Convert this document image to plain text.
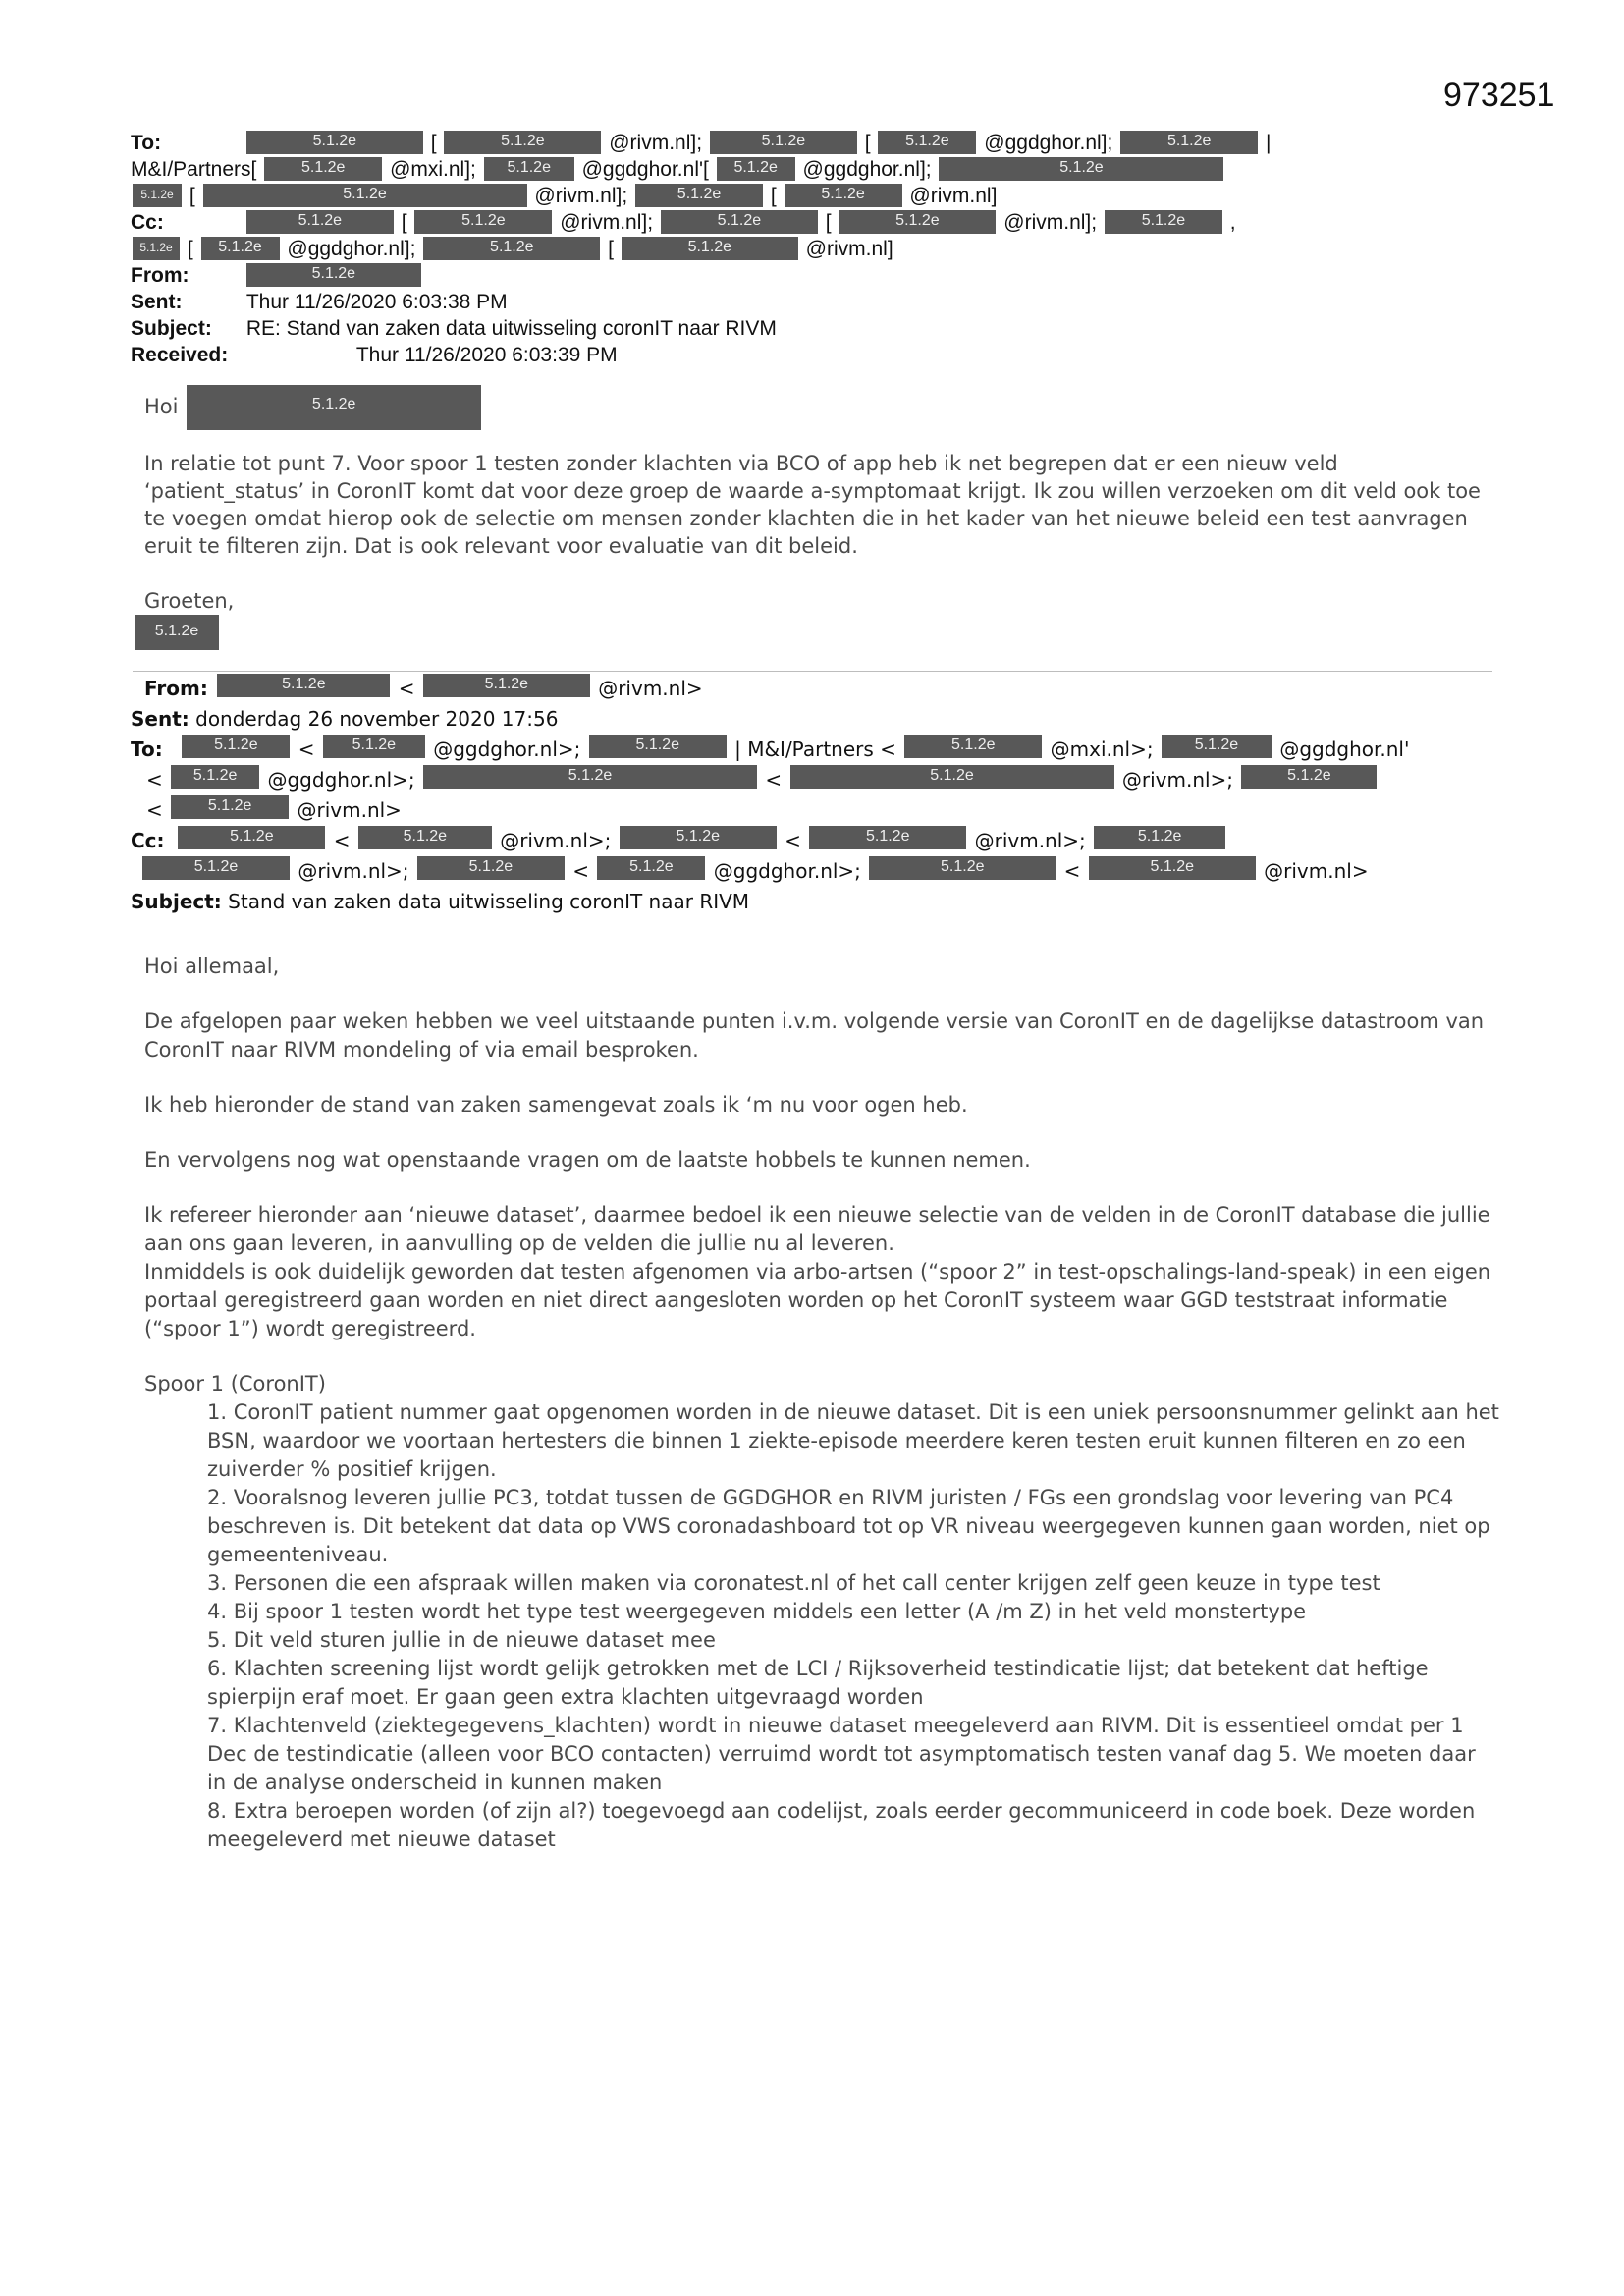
973251
To:	5.1.2e	[	5.1.2e	@rivm.nl];	5.1.2e	[ 5.1.2e @ggdghor.nl];	5.1.2e	|
M&I/Partners[	5.1.2e @mxi.nl]; 5.1.2e @ggdghor.nl'[ 5.1.2e @ggdghor.nl];	5.1.2e
5.1.2e [	5.1.2e	@rivm.nl];	5.1.2e [	5.1.2e @rivm.nl]
Cc:	5.1.2e	[	5.1.2e	@rivm.nl];	5.1.2e	[	5.1.2e	@rivm.nl];	5.1.2e ,
5.1.2e [ 5.1.2e @ggdghor.nl];	5.1.2e	[	5.1.2e	@rivm.nl]
From:	5.1.2e
Sent:	Thur 11/26/2020 6:03:38 PM
Subject: RE: Stand van zaken data uitwisseling coronIT naar RIVM
Received:	Thur 11/26/2020 6:03:39 PM

Hoi	5.1.2e

In relatie tot punt 7. Voor spoor 1 testen zonder klachten via BCO of app heb ik net begrepen dat er een nieuw veld ‘patient_status’ in CoronIT komt dat voor deze groep de waarde a-symptomaat krijgt. Ik zou willen verzoeken om dit veld ook toe te voegen omdat hierop ook de selectie om mensen zonder klachten die in het kader van het nieuwe beleid een test aanvragen eruit te filteren zijn. Dat is ook relevant voor evaluatie van dit beleid.

Groeten,

5.1.2e
From:	5.1.2e	<	5.1.2e	@rivm.nl>
Sent: donderdag 26 november 2020 17:56
To:	5.1.2e < 5.1.2e @ggdghor.nl>;	5.1.2e	| M&I/Partners <	5.1.2e	@mxi.nl>;	5.1.2e @ggdghor.nl'
< 5.1.2e @ggdghor.nl>;	5.1.2e	<	5.1.2e	@rivm.nl>;	5.1.2e
<	5.1.2e @rivm.nl>
Cc:	5.1.2e	<	5.1.2e	@rivm.nl>;	5.1.2e	<	5.1.2e	@rivm.nl>;	5.1.2e
5.1.2e	@rivm.nl>;	5.1.2e	<	5.1.2e @ggdghor.nl>;	5.1.2e	<	5.1.2e	@rivm.nl>
Subject: Stand van zaken data uitwisseling coronIT naar RIVM

Hoi allemaal,

De afgelopen paar weken hebben we veel uitstaande punten i.v.m. volgende versie van CoronIT en de dagelijkse datastroom van CoronIT naar RIVM mondeling of via email besproken.

Ik heb hieronder de stand van zaken samengevat zoals ik ‘m nu voor ogen heb.

En vervolgens nog wat openstaande vragen om de laatste hobbels te kunnen nemen.

Ik refereer hieronder aan ‘nieuwe dataset’, daarmee bedoel ik een nieuwe selectie van de velden in de CoronIT database die jullie aan ons gaan leveren, in aanvulling op de velden die jullie nu al leveren.

Inmiddels is ook duidelijk geworden dat testen afgenomen via arbo-artsen (“spoor 2” in test-opschalings-land-speak) in een eigen portaal geregistreerd gaan worden en niet direct aangesloten worden op het CoronIT systeem waar GGD teststraat informatie (“spoor 1”) wordt geregistreerd.

Spoor 1 (CoronIT)

1. CoronIT patient nummer gaat opgenomen worden in de nieuwe dataset. Dit is een uniek persoonsnummer gelinkt aan het BSN, waardoor we voortaan hertesters die binnen 1 ziekte-episode meerdere keren testen eruit kunnen filteren en zo een zuiverder % positief krijgen.
2. Vooralsnog leveren jullie PC3, totdat tussen de GGDGHOR en RIVM juristen / FGs een grondslag voor levering van PC4 beschreven is. Dit betekent dat data op VWS coronadashboard tot op VR niveau weergegeven kunnen gaan worden, niet op gemeenteniveau.
3. Personen die een afspraak willen maken via coronatest.nl of het call center krijgen zelf geen keuze in type test
4. Bij spoor 1 testen wordt het type test weergegeven middels een letter (A /m Z) in het veld monstertype
5. Dit veld sturen jullie in de nieuwe dataset mee
6. Klachten screening lijst wordt gelijk getrokken met de LCI / Rijksoverheid testindicatie lijst; dat betekent dat heftige spierpijn eraf moet. Er gaan geen extra klachten uitgevraagd worden
7. Klachtenveld (ziektegegevens_klachten) wordt in nieuwe dataset meegeleverd aan RIVM. Dit is essentieel omdat per 1 Dec de testindicatie (alleen voor BCO contacten) verruimd wordt tot asymptomatisch testen vanaf dag 5. We moeten daar in de analyse onderscheid in kunnen maken
8. Extra beroepen worden (of zijn al?) toegevoegd aan codelijst, zoals eerder gecommuniceerd in code boek. Deze worden meegeleverd met nieuwe dataset
